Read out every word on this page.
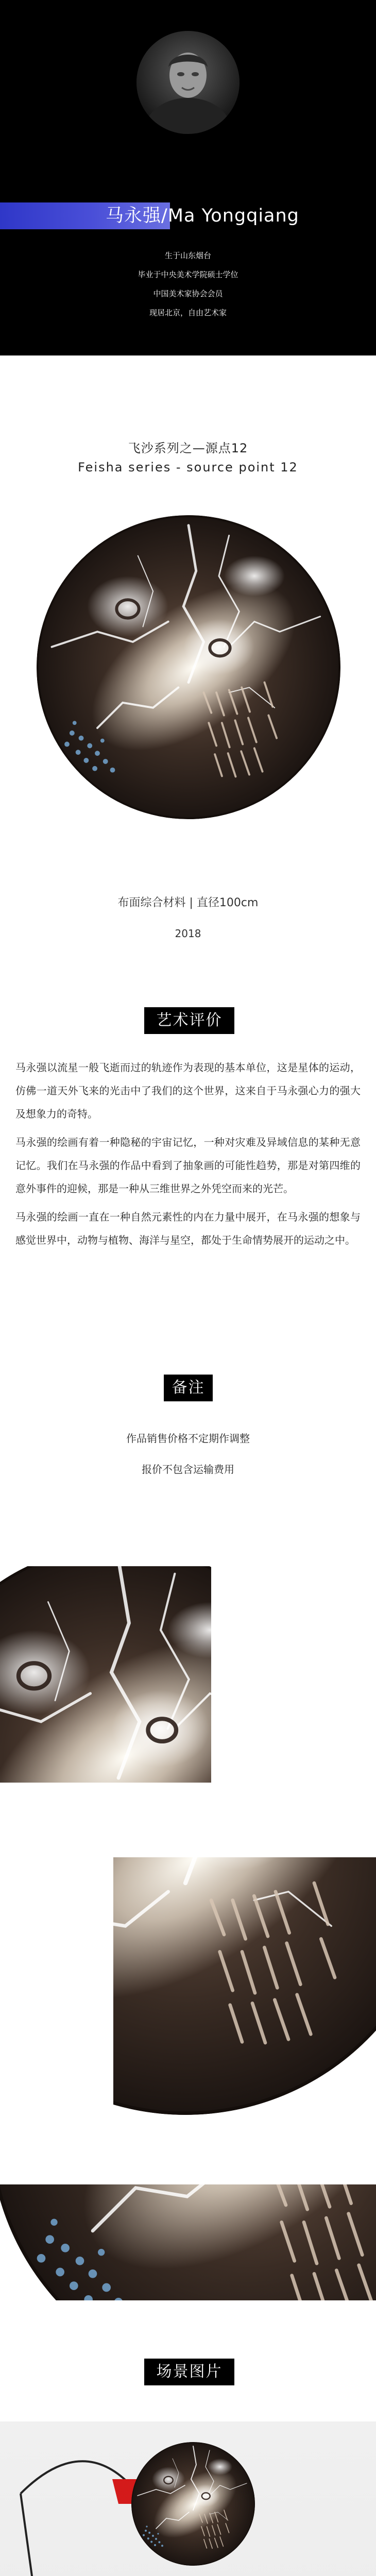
马永强/Ma Yongqiang
生于山东烟台
毕业于中央美术学院硕士学位
中国美术家协会会员
现居北京，自由艺术家
飞沙系列之—源点12
Feisha series - source point 12
布面综合材料 | 直径100cm
2018
艺术评价

马永强以流星一般飞逝而过的轨迹作为表现的基本单位，这是星体的运动，仿佛一道天外飞来的光击中了我们的这个世界，这来自于马永强心力的强大及想象力的奇特。

马永强的绘画有着一种隐秘的宇宙记忆，一种对灾难及异域信息的某种无意记忆。我们在马永强的作品中看到了抽象画的可能性趋势，那是对第四维的意外事件的迎候，那是一种从三维世界之外凭空而来的光芒。

马永强的绘画一直在一种自然元素性的内在力量中展开，在马永强的想象与感觉世界中，动物与植物、海洋与星空，都处于生命情势展开的运动之中。

备注
作品销售价格不定期作调整
报价不包含运输费用
场景图片
